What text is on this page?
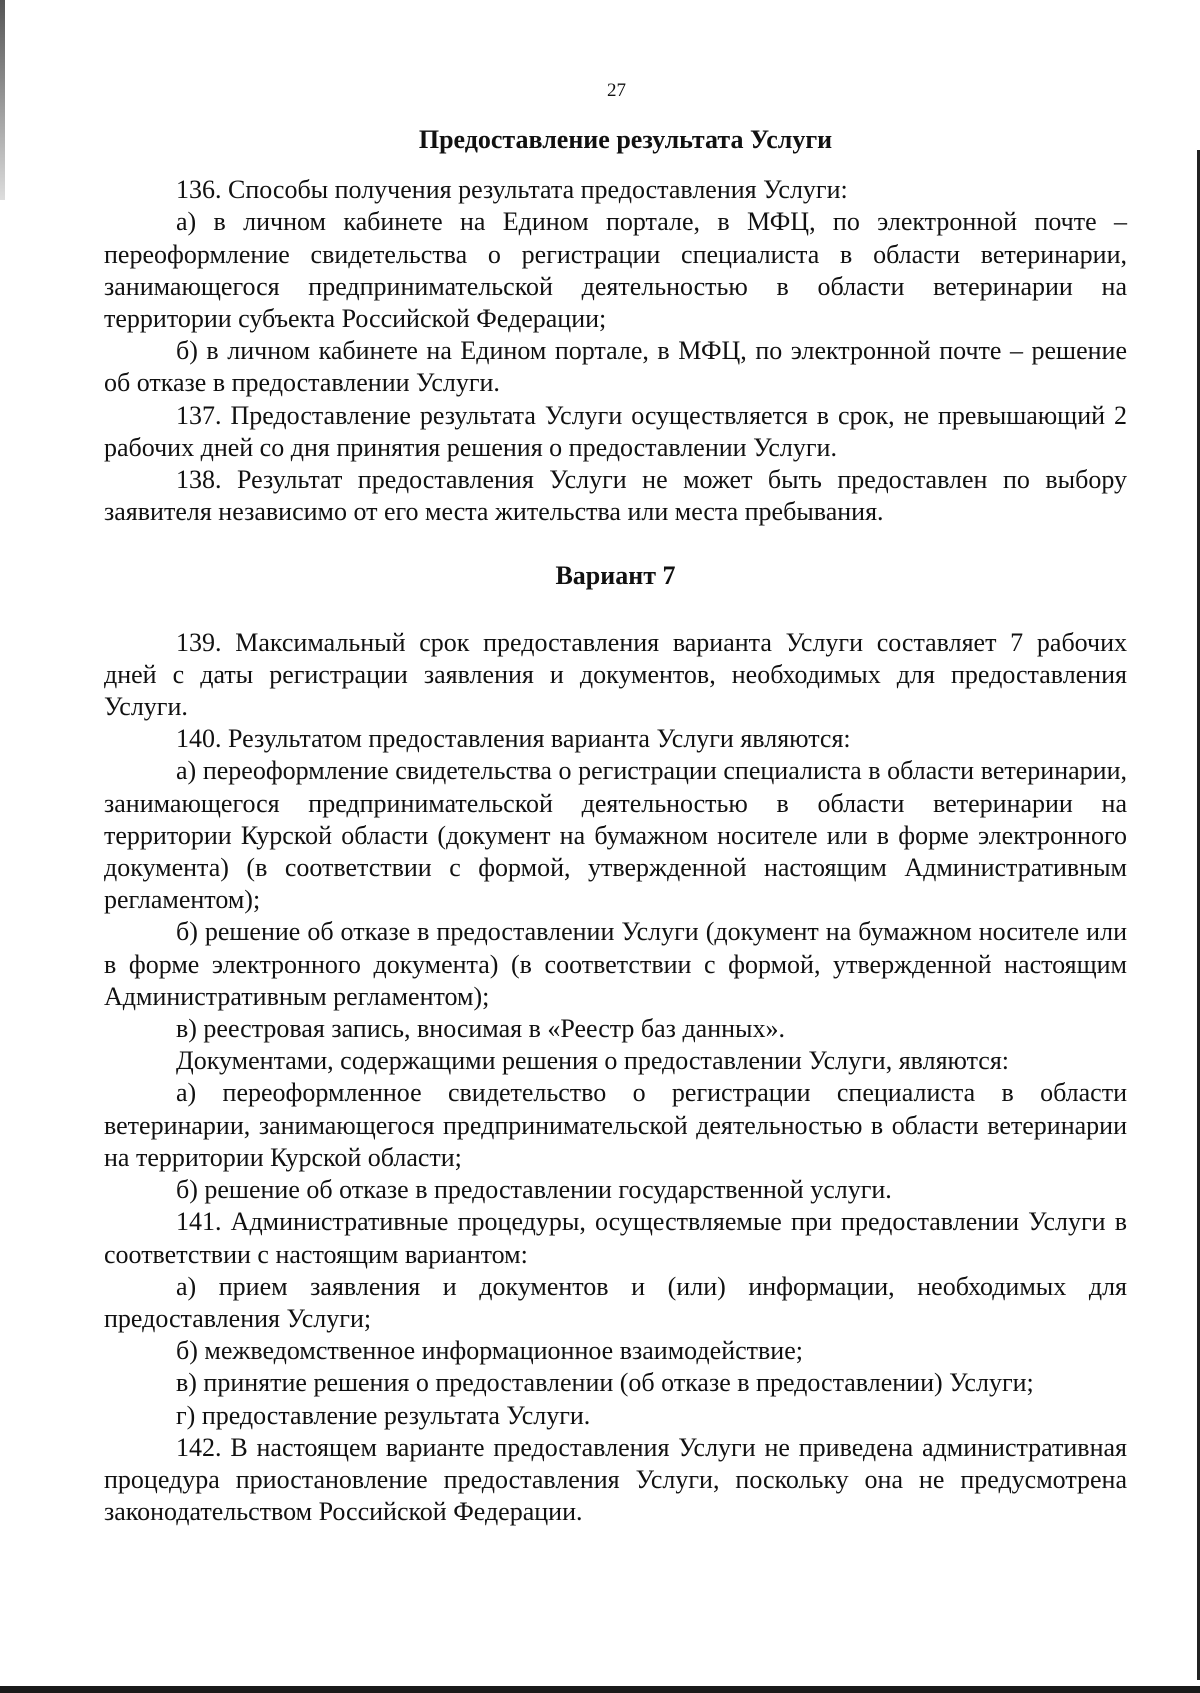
27
Предоставление результата Услуги

136. Способы получения результата предоставления Услуги:

а) в личном кабинете на Едином портале, в МФЦ, по электронной почте – переоформление свидетельства о регистрации специалиста в области ветеринарии, занимающегося предпринимательской деятельностью в области ветеринарии на территории субъекта Российской Федерации;

б) в личном кабинете на Едином портале, в МФЦ, по электронной почте – решение об отказе в предоставлении Услуги.

137. Предоставление результата Услуги осуществляется в срок, не превышающий 2 рабочих дней со дня принятия решения о предоставлении Услуги.

138. Результат предоставления Услуги не может быть предоставлен по выбору заявителя независимо от его места жительства или места пребывания.

Вариант 7

139. Максимальный срок предоставления варианта Услуги составляет 7 рабочих дней с даты регистрации заявления и документов, необходимых для предоставления Услуги.

140. Результатом предоставления варианта Услуги являются:

а) переоформление свидетельства о регистрации специалиста в области ветеринарии, занимающегося предпринимательской деятельностью в области ветеринарии на территории Курской области (документ на бумажном носителе или в форме электронного документа) (в соответствии с формой, утвержденной настоящим Административным регламентом);

б) решение об отказе в предоставлении Услуги (документ на бумажном носителе или в форме электронного документа) (в соответствии с формой, утвержденной настоящим Административным регламентом);

в) реестровая запись, вносимая в «Реестр баз данных».

Документами, содержащими решения о предоставлении Услуги, являются:

а) переоформленное свидетельство о регистрации специалиста в области ветеринарии, занимающегося предпринимательской деятельностью в области ветеринарии на территории Курской области;

б) решение об отказе в предоставлении государственной услуги.

141. Административные процедуры, осуществляемые при предоставлении Услуги в соответствии с настоящим вариантом:

а) прием заявления и документов и (или) информации, необходимых для предоставления Услуги;

б) межведомственное информационное взаимодействие;

в) принятие решения о предоставлении (об отказе в предоставлении) Услуги;

г) предоставление результата Услуги.

142. В настоящем варианте предоставления Услуги не приведена административная процедура приостановление предоставления Услуги, поскольку она не предусмотрена законодательством Российской Федерации.
